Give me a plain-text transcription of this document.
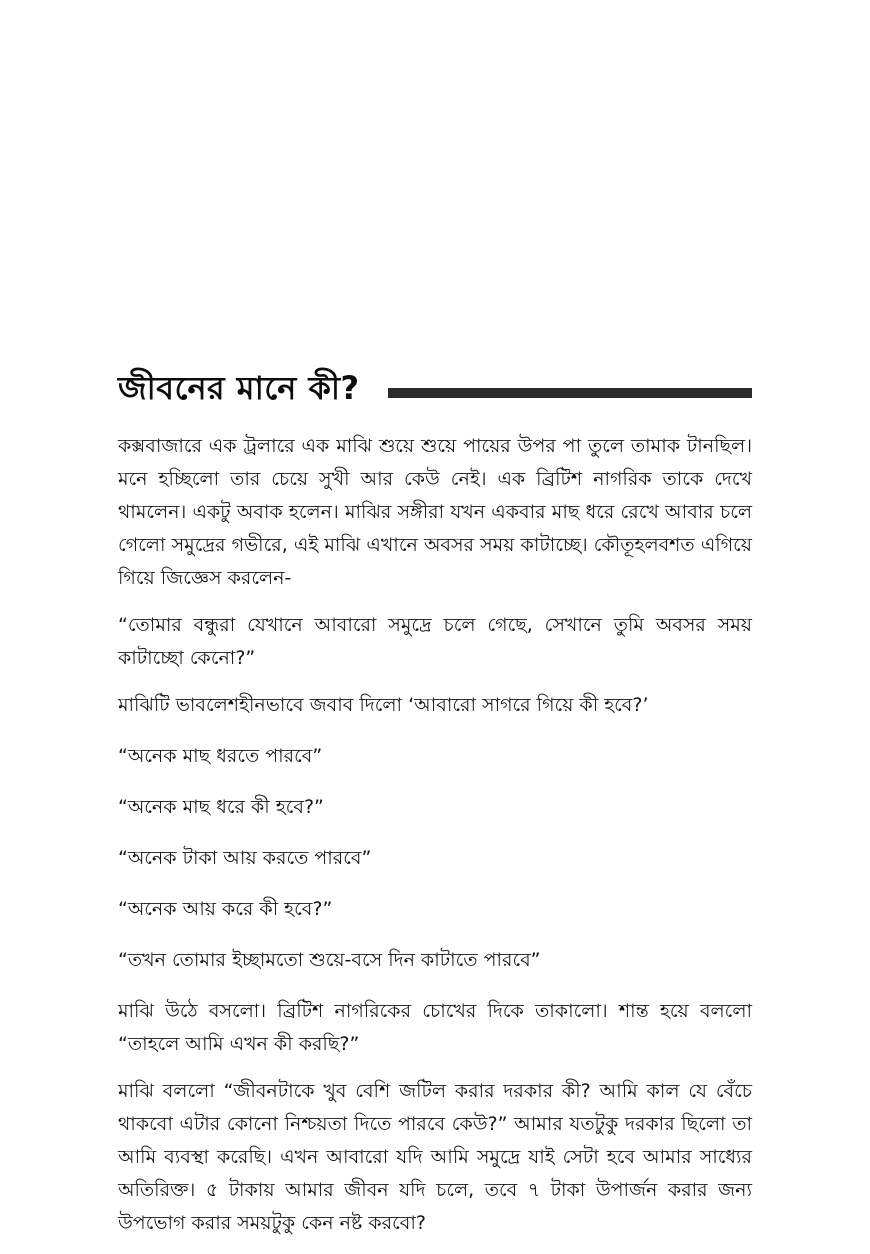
জীবনের মানে কী?

কক্সবাজারে এক ট্রলারে এক মাঝি শুয়ে শুয়ে পায়ের উপর পা তুলে তামাক টানছিল। মনে হচ্ছিলো তার চেয়ে সুখী আর কেউ নেই। এক ব্রিটিশ নাগরিক তাকে দেখে থামলেন। একটু অবাক হলেন। মাঝির সঙ্গীরা যখন একবার মাছ ধরে রেখে আবার চলে গেলো সমুদ্রের গভীরে, এই মাঝি এখানে অবসর সময় কাটাচ্ছে। কৌতূহলবশত এগিয়ে গিয়ে জিজ্ঞেস করলেন-

“তোমার বন্ধুরা যেখানে আবারো সমুদ্রে চলে গেছে, সেখানে তুমি অবসর সময় কাটাচ্ছো কেনো?”

মাঝিটি ভাবলেশহীনভাবে জবাব দিলো ‘আবারো সাগরে গিয়ে কী হবে?’

“অনেক মাছ ধরতে পারবে”

“অনেক মাছ ধরে কী হবে?”

“অনেক টাকা আয় করতে পারবে”

“অনেক আয় করে কী হবে?”

“তখন তোমার ইচ্ছামতো শুয়ে-বসে দিন কাটাতে পারবে”

মাঝি উঠে বসলো। ব্রিটিশ নাগরিকের চোখের দিকে তাকালো। শান্ত হয়ে বললো “তাহলে আমি এখন কী করছি?”

মাঝি বললো “জীবনটাকে খুব বেশি জটিল করার দরকার কী? আমি কাল যে বেঁচে থাকবো এটার কোনো নিশ্চয়তা দিতে পারবে কেউ?” আমার যতটুকু দরকার ছিলো তা আমি ব্যবস্থা করেছি। এখন আবারো যদি আমি সমুদ্রে যাই সেটা হবে আমার সাধ্যের অতিরিক্ত। ৫ টাকায় আমার জীবন যদি চলে, তবে ৭ টাকা উপার্জন করার জন্য উপভোগ করার সময়টুকু কেন নষ্ট করবো?
